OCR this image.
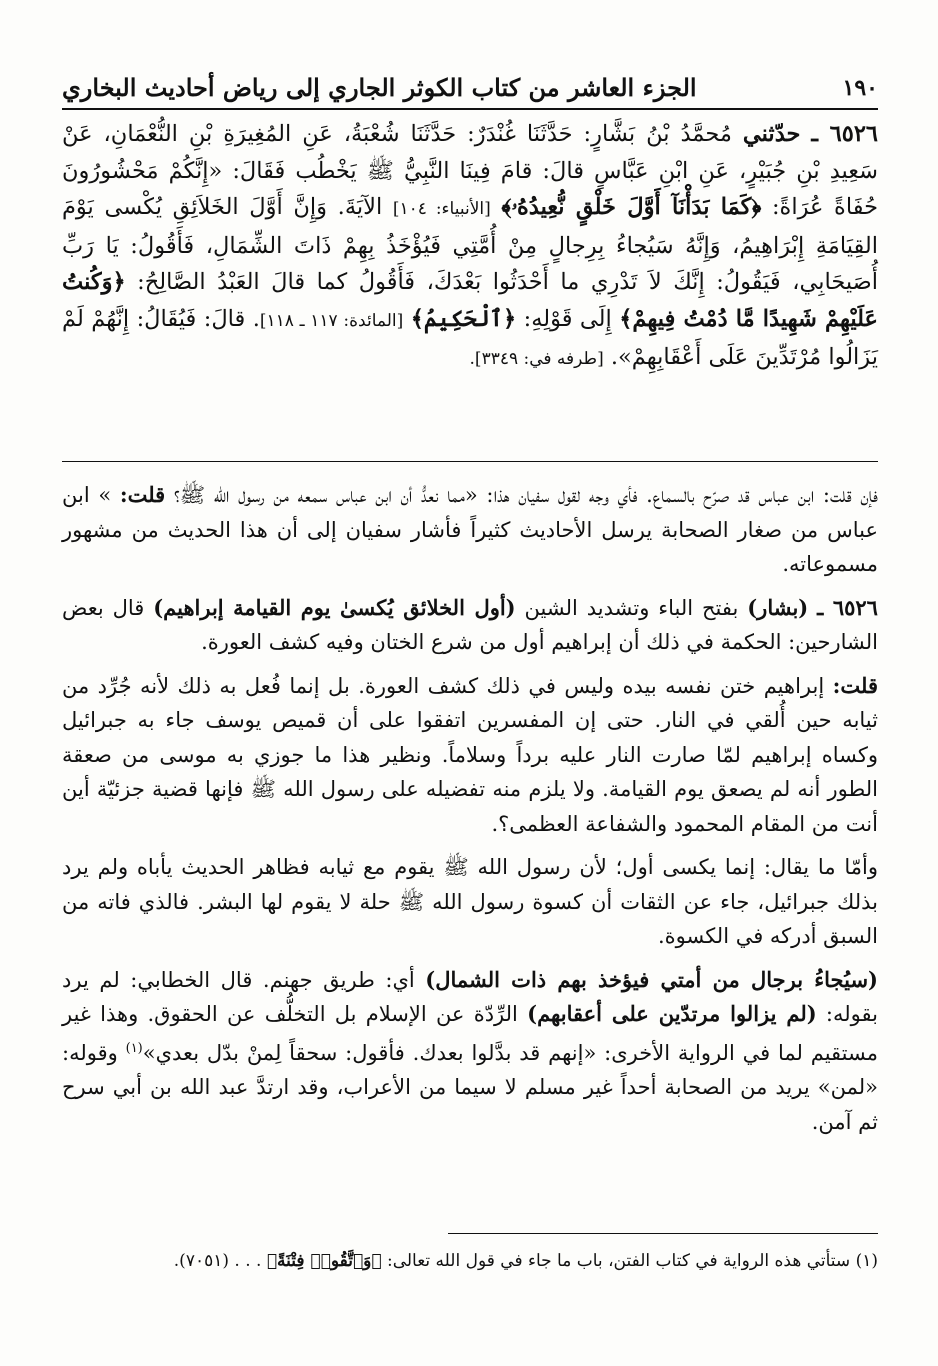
١٩٠
الجزء العاشر من كتاب الكوثر الجاري إلى رياض أحاديث البخاري

٦٥٢٦ ـ حدّثني مُحمَّدُ بْنُ بَشَّارٍ: حَدَّثَنَا غُنْدَرٌ: حَدَّثَنَا شُعْبَةُ، عَنِ المُغِيرَةِ بْنِ النُّعْمَانِ، عَنْ سَعِيدِ بْنِ جُبَيْرٍ، عَنِ ابْنِ عَبَّاسٍ قالَ: قامَ فِينَا النَّبِيُّ ﷺ يَخْطُب فَقَالَ: «إِنَّكُمْ مَحْشُورُونَ حُفَاةً عُرَاةً: ﴿كَمَا بَدَأْنَآ أَوَّلَ خَلْقٍ نُّعِيدُهُۥ﴾ [الأنبياء: ١٠٤] الآيَةَ. وَإِنَّ أَوَّلَ الخَلاَئِقِ يُكْسى يَوْمَ القِيَامَةِ إِبْرَاهِيمُ، وَإِنَّهُ سَيُجاءُ بِرِجالٍ مِنْ أُمَّتِي فَيُؤْخَذُ بِهِمْ ذَاتَ الشِّمَالِ، فَأَقُولُ: يَا رَبِّ أُصَيحَابِي، فَيَقُولُ: إِنَّكَ لاَ تَدْرِي ما أَحْدَثُوا بَعْدَكَ، فَأَقُولُ كما قالَ العَبْدُ الصَّالِحُ: ﴿وَكُنتُ عَلَيْهِمْ شَهِيدًا مَّا دُمْتُ فِيهِمْ﴾ إِلَى قَوْلِهِ: ﴿ٱلْحَكِيمُ﴾ [المائدة: ١١٧ ـ ١١٨]. قالَ: فَيُقَالُ: إِنَّهُمْ لَمْ يَزَالُوا مُرْتَدِّينَ عَلَى أَعْقَابِهِمْ». [طرفه في: ٣٣٤٩].

فإن قلت: ابن عباس قد صرّح بالسماع. فأي وجه لقول سفيان هذا: «مما نعدُّ أن ابن عباس سمعه من رسول الله ﷺ؟ قلت: » ابن عباس من صغار الصحابة يرسل الأحاديث كثيراً فأشار سفيان إلى أن هذا الحديث من مشهور مسموعاته.

٦٥٢٦ ـ (بشار) بفتح الباء وتشديد الشين (أول الخلائق يُكسىٰ يوم القيامة إبراهيم) قال بعض الشارحين: الحكمة في ذلك أن إبراهيم أول من شرع الختان وفيه كشف العورة.

قلت: إبراهيم ختن نفسه بيده وليس في ذلك كشف العورة. بل إنما فُعل به ذلك لأنه جُرِّد من ثيابه حين أُلقي في النار. حتى إن المفسرين اتفقوا على أن قميص يوسف جاء به جبرائيل وكساه إبراهيم لمّا صارت النار عليه برداً وسلاماً. ونظير هذا ما جوزي به موسى من صعقة الطور أنه لم يصعق يوم القيامة. ولا يلزم منه تفضيله على رسول الله ﷺ فإنها قضية جزئيّة أين أنت من المقام المحمود والشفاعة العظمى؟.

وأمّا ما يقال: إنما يكسى أول؛ لأن رسول الله ﷺ يقوم مع ثيابه فظاهر الحديث يأباه ولم يرد بذلك جبرائيل، جاء عن الثقات أن كسوة رسول الله ﷺ حلة لا يقوم لها البشر. فالذي فاته من السبق أدركه في الكسوة.

(سيُجاءُ برجال من أمتي فيؤخذ بهم ذات الشمال) أي: طريق جهنم. قال الخطابي: لم يرد بقوله: (لم يزالوا مرتدّين على أعقابهم) الرِّدّة عن الإسلام بل التخلُّف عن الحقوق. وهذا غير مستقيم لما في الرواية الأخرى: «إنهم قد بدَّلوا بعدك. فأقول: سحقاً لِمنْ بدّل بعدي»$^{(١)}$ وقوله: «لمن» يريد من الصحابة أحداً غير مسلم لا سيما من الأعراب، وقد ارتدَّ عبد الله بن أبي سرح ثم آمن.

(١) ستأتي هذه الرواية في كتاب الفتن، باب ما جاء في قول الله تعالى: ﴿وَٱتَّقُوا۟ فِتْنَةً﴾ . . . (٧٠٥١).
